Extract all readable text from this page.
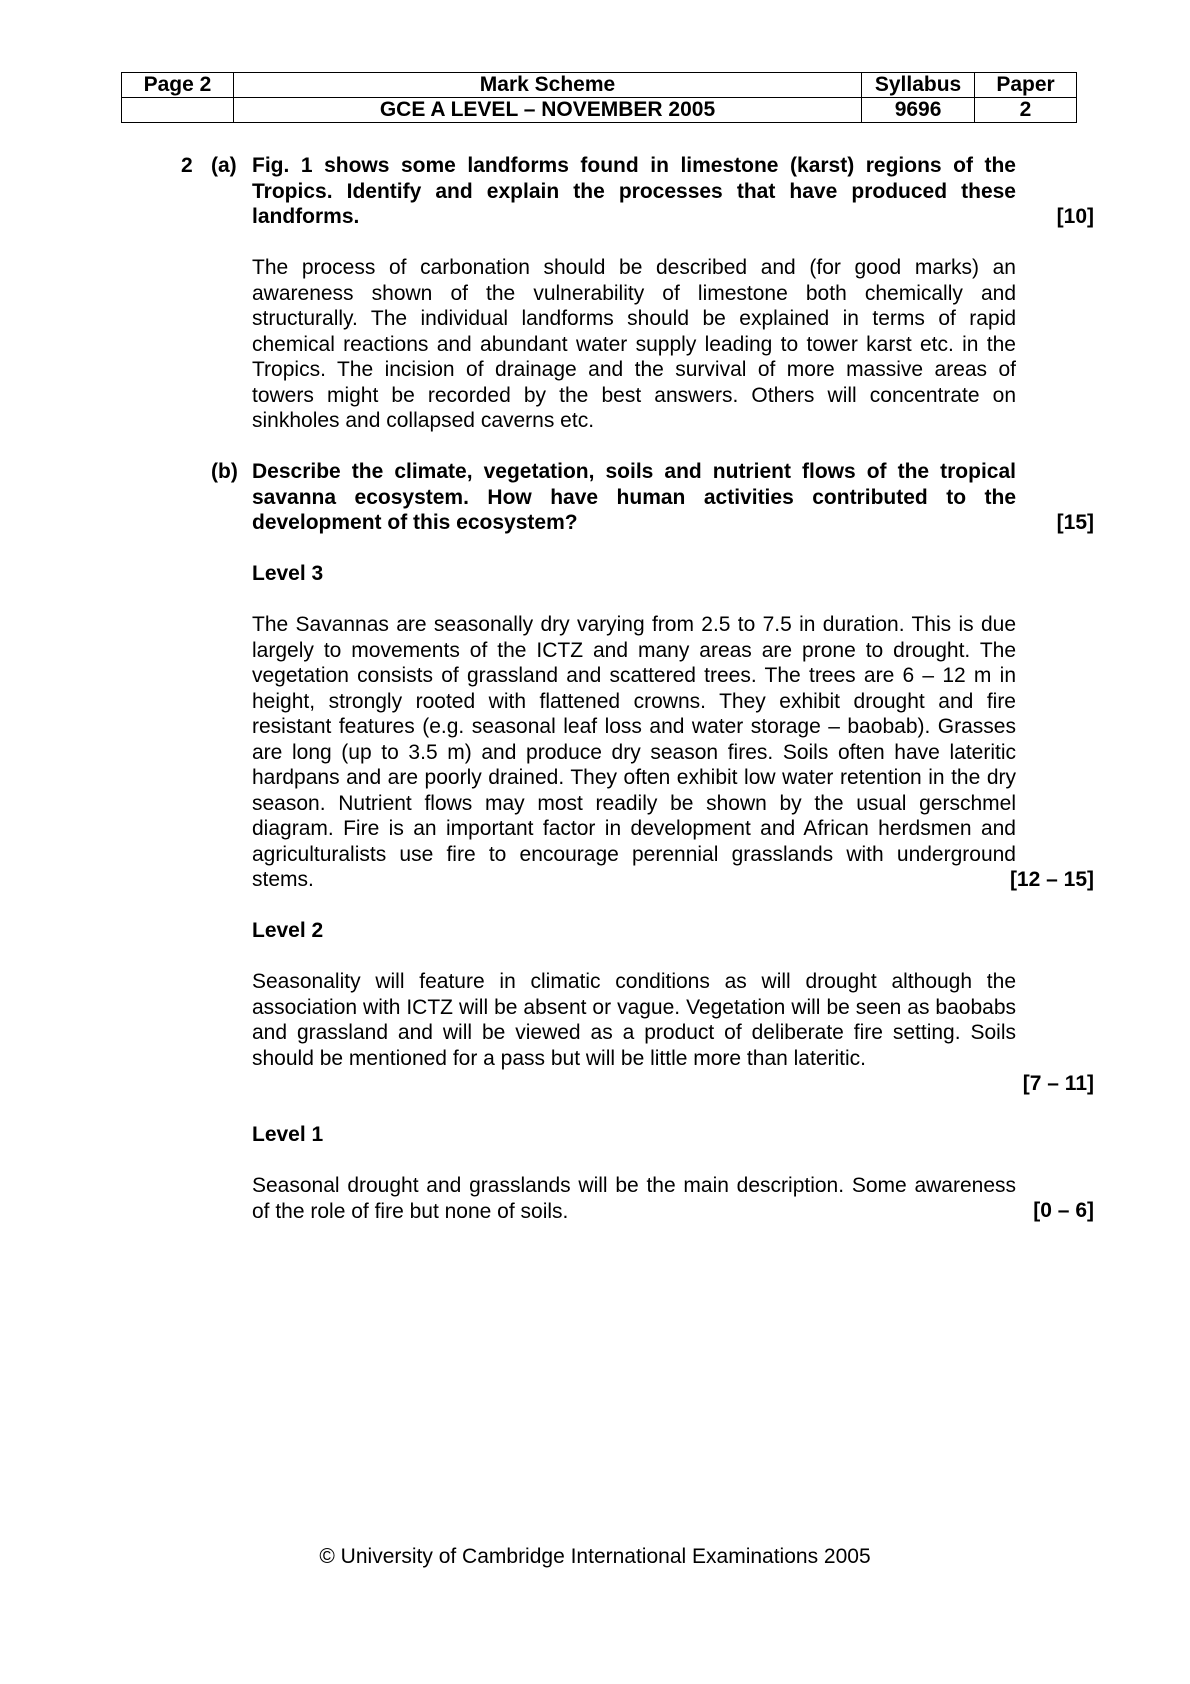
Page 2	Mark Scheme	Syllabus	Paper
	GCE A LEVEL – NOVEMBER 2005	9696	2
2 (a) Fig. 1 shows some landforms found in limestone (karst) regions of the Tropics. Identify and explain the processes that have produced these landforms.	[10]
The process of carbonation should be described and (for good marks) an awareness shown of the vulnerability of limestone both chemically and structurally. The individual landforms should be explained in terms of rapid chemical reactions and abundant water supply leading to tower karst etc. in the Tropics. The incision of drainage and the survival of more massive areas of towers might be recorded by the best answers. Others will concentrate on sinkholes and collapsed caverns etc.
(b) Describe the climate, vegetation, soils and nutrient flows of the tropical savanna ecosystem. How have human activities contributed to the development of this ecosystem?	[15]
Level 3
The Savannas are seasonally dry varying from 2.5 to 7.5 in duration. This is due largely to movements of the ICTZ and many areas are prone to drought. The vegetation consists of grassland and scattered trees. The trees are 6 – 12 m in height, strongly rooted with flattened crowns. They exhibit drought and fire resistant features (e.g. seasonal leaf loss and water storage – baobab). Grasses are long (up to 3.5 m) and produce dry season fires. Soils often have lateritic hardpans and are poorly drained. They often exhibit low water retention in the dry season. Nutrient flows may most readily be shown by the usual gerschmel diagram. Fire is an important factor in development and African herdsmen and agriculturalists use fire to encourage perennial grasslands with underground stems.	[12 – 15]
Level 2
Seasonality will feature in climatic conditions as will drought although the association with ICTZ will be absent or vague. Vegetation will be seen as baobabs and grassland and will be viewed as a product of deliberate fire setting. Soils should be mentioned for a pass but will be little more than lateritic.
[7 – 11]
Level 1
Seasonal drought and grasslands will be the main description. Some awareness of the role of fire but none of soils.	[0 – 6]
© University of Cambridge International Examinations 2005
